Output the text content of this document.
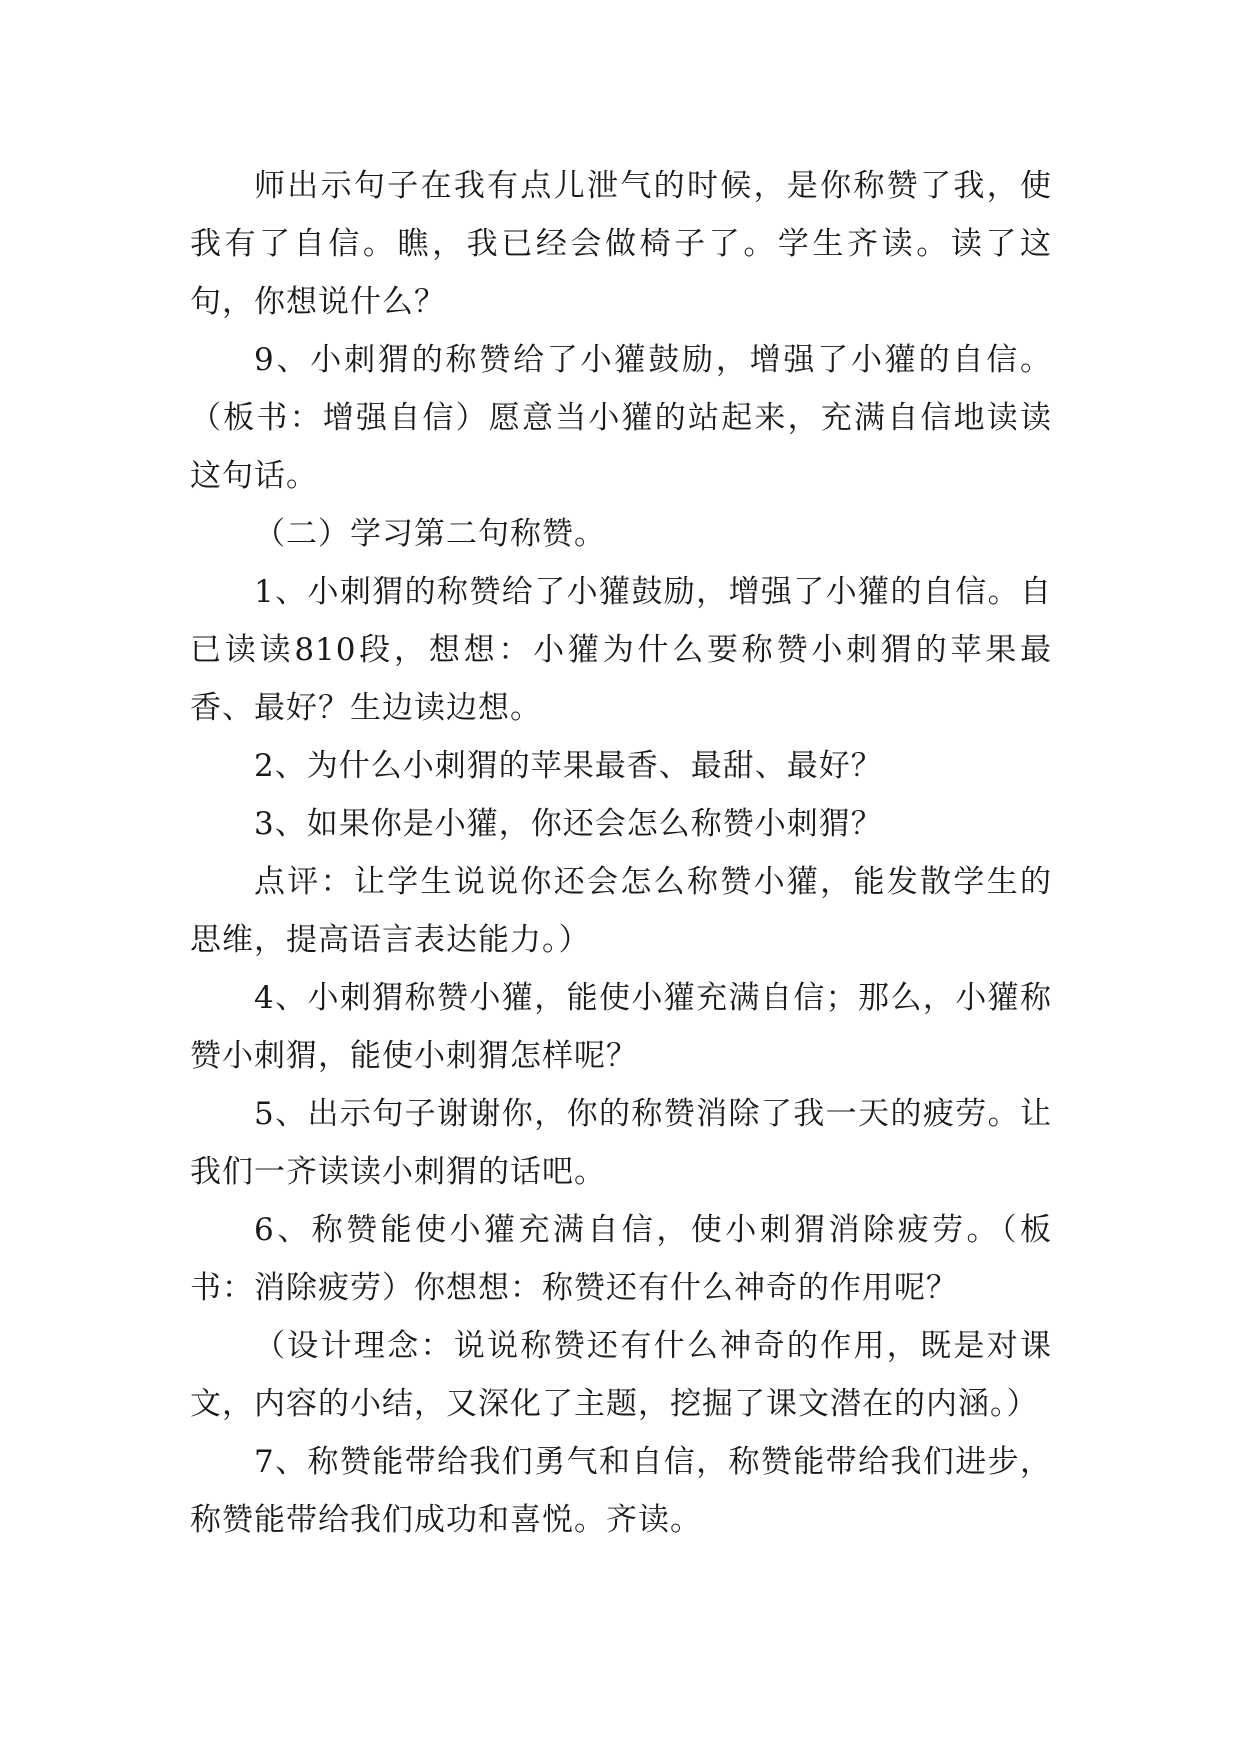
师出示句子在我有点儿泄气的时候，是你称赞了我，使我有了自信。瞧，我已经会做椅子了。学生齐读。读了这句，你想说什么？

9、小刺猬的称赞给了小獾鼓励，增强了小獾的自信。（板书：增强自信）愿意当小獾的站起来，充满自信地读读这句话。

（二）学习第二句称赞。

1、小刺猬的称赞给了小獾鼓励，增强了小獾的自信。自已读读810段，想想：小獾为什么要称赞小刺猬的苹果最香、最好？生边读边想。

2、为什么小刺猬的苹果最香、最甜、最好？

3、如果你是小獾，你还会怎么称赞小刺猬？

点评：让学生说说你还会怎么称赞小獾，能发散学生的思维，提高语言表达能力。）

4、小刺猬称赞小獾，能使小獾充满自信；那么，小獾称赞小刺猬，能使小刺猬怎样呢？

5、出示句子谢谢你，你的称赞消除了我一天的疲劳。让我们一齐读读小刺猬的话吧。

6、称赞能使小獾充满自信，使小刺猬消除疲劳。（板书：消除疲劳）你想想：称赞还有什么神奇的作用呢？

（设计理念：说说称赞还有什么神奇的作用，既是对课文，内容的小结，又深化了主题，挖掘了课文潜在的内涵。）

7、称赞能带给我们勇气和自信，称赞能带给我们进步，称赞能带给我们成功和喜悦。齐读。
